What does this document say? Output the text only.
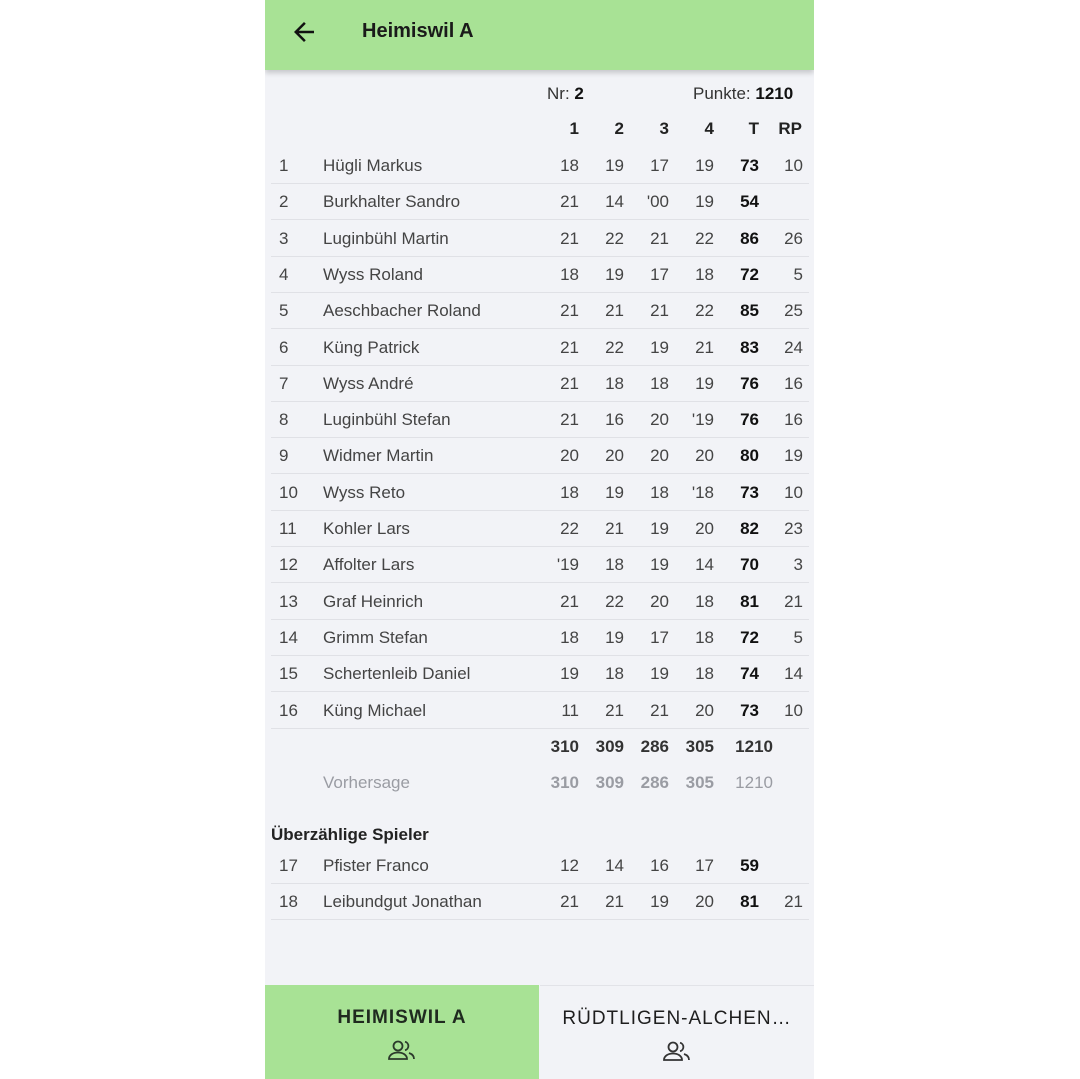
Heimiswil A
Nr: 2	Punkte: 1210
1	2	3	4	T	RP
1 Hügli Markus	18	19	17	19	73	10
2 Burkhalter Sandro	21	14	'00	19	54
3 Luginbühl Martin	21	22	21	22	86	26
4 Wyss Roland	18	19	17	18	72	5
5 Aeschbacher Roland	21	21	21	22	85	25
6 Küng Patrick	21	22	19	21	83	24
7 Wyss André	21	18	18	19	76	16
8 Luginbühl Stefan	21	16	20	'19	76	16
9 Widmer Martin	20	20	20	20	80	19
10 Wyss Reto	18	19	18	'18	73	10
11 Kohler Lars	22	21	19	20	82	23
12 Affolter Lars	'19	18	19	14	70	3
13 Graf Heinrich	21	22	20	18	81	21
14 Grimm Stefan	18	19	17	18	72	5
15 Schertenleib Daniel	19	18	19	18	74	14
16 Küng Michael	11	21	21	20	73	10
310 309 286 305	1210
Vorhersage	310 309 286 305	1210
Überzählige Spieler
17 Pfister Franco	12	14	16	17	59
18 Leibundgut Jonathan	21	21	19	20	81	21
HEIMISWIL A	RÜDTLIGEN-ALCHEN…
